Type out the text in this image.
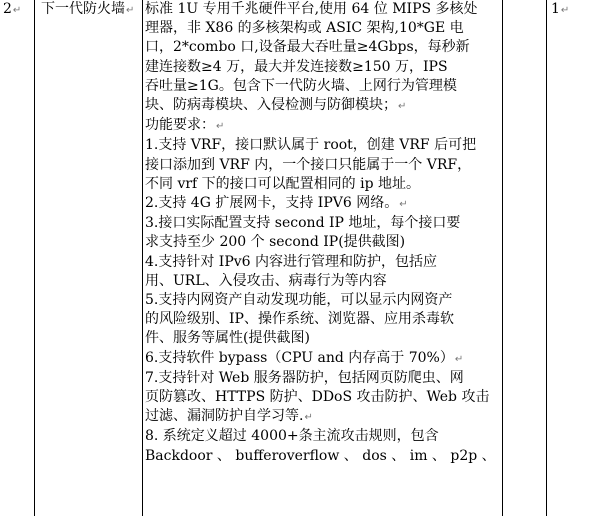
2↵	下一代防火墙↵ 标准 1U 专用千兆硬件平台,使用 64 位 MIPS 多核处
理器，非 X86 的多核架构或 ASIC 架构,10*GE 电
口，2*combo 口,设备最大吞吐量≥4Gbps，每秒新
建连接数≥4 万，最大并发连接数≥150 万，IPS
吞吐量≥1G。包含下一代防火墙、上网行为管理模
块、防病毒模块、入侵检测与防御模块；↵
功能要求：↵
1.支持 VRF，接口默认属于 root，创建 VRF 后可把
接口添加到 VRF 内，一个接口只能属于一个 VRF，
不同 vrf 下的接口可以配置相同的 ip 地址。
2.支持 4G 扩展网卡，支持 IPV6 网络。↵
3.接口实际配置支持 second IP 地址，每个接口要
求支持至少 200 个 second IP(提供截图)
4.支持针对 IPv6 内容进行管理和防护，包括应
用、URL、入侵攻击、病毒行为等内容
5.支持内网资产自动发现功能，可以显示内网资产
的风险级别、IP、操作系统、浏览器、应用杀毒软
件、服务等属性(提供截图)
6.支持软件 bypass（CPU and 内存高于 70%）↵
7.支持针对 Web 服务器防护，包括网页防爬虫、网
页防篡改、HTTPS 防护、DDoS 攻击防护、Web 攻击
过滤、漏洞防护自学习等.↵
8. 系统定义超过 4000+条主流攻击规则，包含
Backdoor 、 bufferoverflow 、 dos 、 im 、 p2p 、
1↵
